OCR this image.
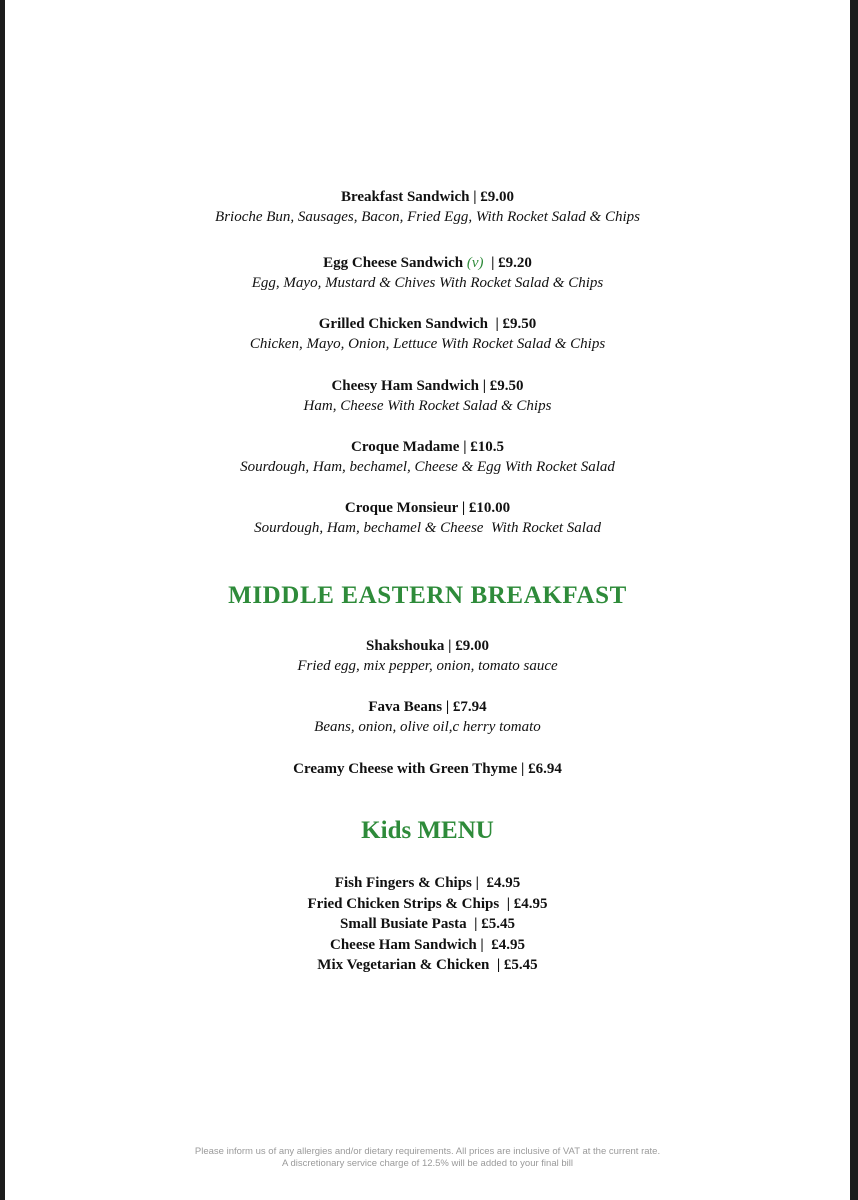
Breakfast Sandwich | £9.00
Brioche Bun, Sausages, Bacon, Fried Egg, With Rocket Salad & Chips
Egg Cheese Sandwich (v)  | £9.20
Egg, Mayo, Mustard & Chives With Rocket Salad & Chips
Grilled Chicken Sandwich  | £9.50
Chicken, Mayo, Onion, Lettuce With Rocket Salad & Chips
Cheesy Ham Sandwich | £9.50
Ham, Cheese With Rocket Salad & Chips
Croque Madame | £10.5
Sourdough, Ham, bechamel, Cheese & Egg With Rocket Salad
Croque Monsieur | £10.00
Sourdough, Ham, bechamel & Cheese  With Rocket Salad
MIDDLE EASTERN BREAKFAST
Shakshouka | £9.00
Fried egg, mix pepper, onion, tomato sauce
Fava Beans | £7.94
Beans, onion, olive oil,c herry tomato
Creamy Cheese with Green Thyme | £6.94
Kids MENU
Fish Fingers & Chips |  £4.95
Fried Chicken Strips & Chips  | £4.95
Small Busiate Pasta  | £5.45
Cheese Ham Sandwich |  £4.95
Mix Vegetarian & Chicken  | £5.45
Please inform us of any allergies and/or dietary requirements. All prices are inclusive of VAT at the current rate.
A discretionary service charge of 12.5% will be added to your final bill
